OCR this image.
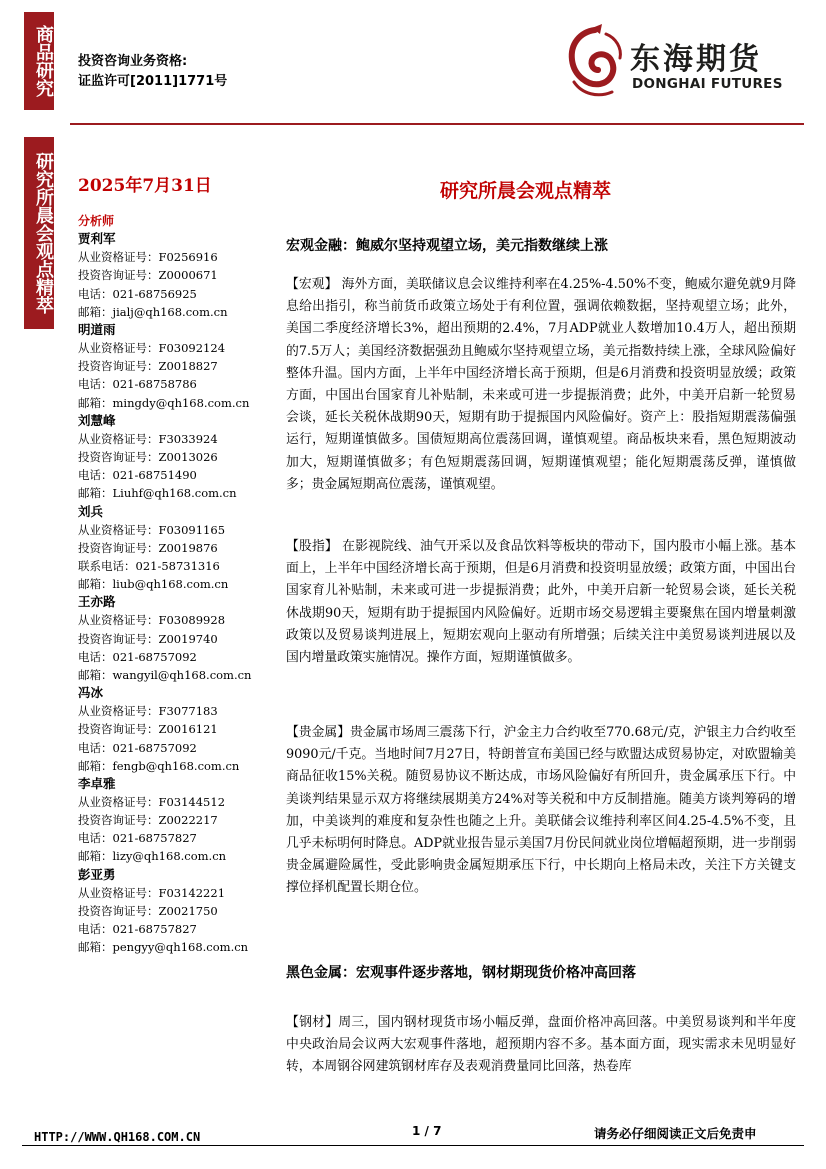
商品研究
研究所晨会观点精萃
投资咨询业务资格:
证监许可[2011]1771号
东海期货
DONGHAI FUTURES
2025年7月31日	研究所晨会观点精萃
分析师
贾利军
从业资格证号：F0256916
投资咨询证号：Z0000671
电话：021-68756925
邮箱：jialj@qh168.com.cn
明道雨
从业资格证号：F03092124
投资咨询证号：Z0018827
电话：021-68758786
邮箱：mingdy@qh168.com.cn
刘慧峰
从业资格证号：F3033924
投资咨询证号：Z0013026
电话：021-68751490
邮箱：Liuhf@qh168.com.cn
刘兵
从业资格证号：F03091165
投资咨询证号：Z0019876
联系电话：021-58731316
邮箱：liub@qh168.com.cn
王亦路
从业资格证号：F03089928
投资咨询证号：Z0019740
电话：021-68757092
邮箱：wangyil@qh168.com.cn
冯冰
从业资格证号：F3077183
投资咨询证号：Z0016121
电话：021-68757092
邮箱：fengb@qh168.com.cn
李卓雅
从业资格证号：F03144512
投资咨询证号：Z0022217
电话：021-68757827
邮箱：lizy@qh168.com.cn
彭亚勇
从业资格证号：F03142221
投资咨询证号：Z0021750
电话：021-68757827
邮箱：pengyy@qh168.com.cn
宏观金融：鲍威尔坚持观望立场，美元指数继续上涨
【宏观】 海外方面，美联储议息会议维持利率在4.25%-4.50%不变，鲍威尔避免就9月降息给出指引，称当前货币政策立场处于有利位置，强调依赖数据，坚持观望立场；此外，美国二季度经济增长3%，超出预期的2.4%，7月ADP就业人数增加10.4万人，超出预期的7.5万人；美国经济数据强劲且鲍威尔坚持观望立场，美元指数持续上涨，全球风险偏好整体升温。国内方面，上半年中国经济增长高于预期，但是6月消费和投资明显放缓；政策方面，中国出台国家育儿补贴制，未来或可进一步提振消费；此外，中美开启新一轮贸易会谈，延长关税休战期90天，短期有助于提振国内风险偏好。资产上：股指短期震荡偏强运行，短期谨慎做多。国债短期高位震荡回调，谨慎观望。商品板块来看，黑色短期波动加大，短期谨慎做多；有色短期震荡回调，短期谨慎观望；能化短期震荡反弹，谨慎做多；贵金属短期高位震荡，谨慎观望。
【股指】 在影视院线、油气开采以及食品饮料等板块的带动下，国内股市小幅上涨。基本面上，上半年中国经济增长高于预期，但是6月消费和投资明显放缓；政策方面，中国出台国家育儿补贴制，未来或可进一步提振消费；此外，中美开启新一轮贸易会谈，延长关税休战期90天，短期有助于提振国内风险偏好。近期市场交易逻辑主要聚焦在国内增量刺激政策以及贸易谈判进展上，短期宏观向上驱动有所增强；后续关注中美贸易谈判进展以及国内增量政策实施情况。操作方面，短期谨慎做多。
【贵金属】贵金属市场周三震荡下行，沪金主力合约收至770.68元/克，沪银主力合约收至9090元/千克。当地时间7月27日，特朗普宣布美国已经与欧盟达成贸易协定，对欧盟输美商品征收15%关税。随贸易协议不断达成，市场风险偏好有所回升，贵金属承压下行。中美谈判结果显示双方将继续展期美方24%对等关税和中方反制措施。随美方谈判筹码的增加，中美谈判的难度和复杂性也随之上升。美联储会议维持利率区间4.25-4.5%不变，且几乎未标明何时降息。ADP就业报告显示美国7月份民间就业岗位增幅超预期，进一步削弱贵金属避险属性，受此影响贵金属短期承压下行，中长期向上格局未改，关注下方关键支撑位择机配置长期仓位。
黑色金属：宏观事件逐步落地，钢材期现货价格冲高回落
【钢材】周三，国内钢材现货市场小幅反弹，盘面价格冲高回落。中美贸易谈判和半年度中央政治局会议两大宏观事件落地，超预期内容不多。基本面方面，现实需求未见明显好转，本周钢谷网建筑钢材库存及表观消费量同比回落，热卷库
HTTP://WWW.QH168.COM.CN	1 / 7	请务必仔细阅读正文后免责申
